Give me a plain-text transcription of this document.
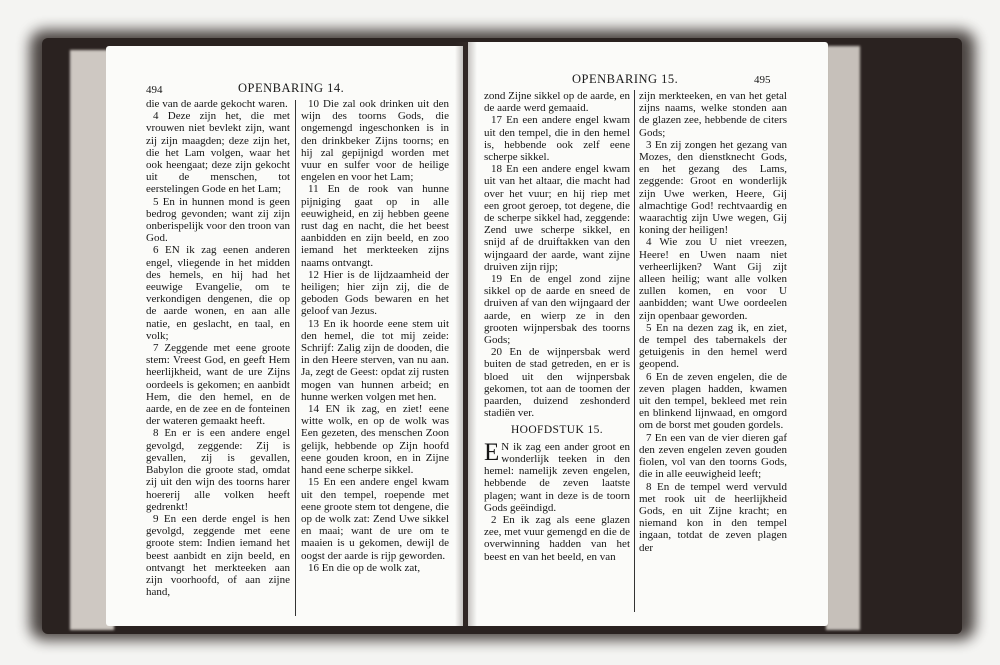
494	OPENBARING 14.

die van de aarde gekocht waren.

4 Deze zijn het, die met vrouwen niet bevlekt zijn, want zij zijn maagden; deze zijn het, die het Lam volgen, waar het ook heengaat; deze zijn gekocht uit de menschen, tot eerstelingen Gode en het Lam;

5 En in hunnen mond is geen bedrog gevonden; want zij zijn onberispelijk voor den troon van God.

6 EN ik zag eenen anderen engel, vliegende in het midden des hemels, en hij had het eeuwige Evangelie, om te verkondigen dengenen, die op de aarde wonen, en aan alle natie, en geslacht, en taal, en volk;

7 Zeggende met eene groote stem: Vreest God, en geeft Hem heerlijkheid, want de ure Zijns oordeels is gekomen; en aanbidt Hem, die den hemel, en de aarde, en de zee en de fonteinen der wateren gemaakt heeft.

8 En er is een andere engel gevolgd, zeggende: Zij is gevallen, zij is gevallen, Babylon die groote stad, omdat zij uit den wijn des toorns harer hoererij alle volken heeft gedrenkt!

9 En een derde engel is hen gevolgd, zeggende met eene groote stem: Indien iemand het beest aanbidt en zijn beeld, en ontvangt het merkteeken aan zijn voorhoofd, of aan zijne hand,

10 Die zal ook drinken uit den wijn des toorns Gods, die ongemengd ingeschonken is in den drinkbeker Zijns toorns; en hij zal gepijnigd worden met vuur en sulfer voor de heilige engelen en voor het Lam;

11 En de rook van hunne pijniging gaat op in alle eeuwigheid, en zij hebben geene rust dag en nacht, die het beest aanbidden en zijn beeld, en zoo iemand het merkteeken zijns naams ontvangt.

12 Hier is de lijdzaamheid der heiligen; hier zijn zij, die de geboden Gods bewaren en het geloof van Jezus.

13 En ik hoorde eene stem uit den hemel, die tot mij zeide: Schrijf: Zalig zijn de dooden, die in den Heere sterven, van nu aan. Ja, zegt de Geest: opdat zij rusten mogen van hunnen arbeid; en hunne werken volgen met hen.

14 EN ik zag, en ziet! eene witte wolk, en op de wolk was Een gezeten, des menschen Zoon gelijk, hebbende op Zijn hoofd eene gouden kroon, en in Zijne hand eene scherpe sikkel.

15 En een andere engel kwam uit den tempel, roepende met eene groote stem tot dengene, die op de wolk zat: Zend Uwe sikkel en maai; want de ure om te maaien is u gekomen, dewijl de oogst der aarde is rijp geworden.

16 En die op de wolk zat,

OPENBARING 15.	495

zond Zijne sikkel op de aarde, en de aarde werd gemaaid.

17 En een andere engel kwam uit den tempel, die in den hemel is, hebbende ook zelf eene scherpe sikkel.

18 En een andere engel kwam uit van het altaar, die macht had over het vuur; en hij riep met een groot geroep, tot degene, die de scherpe sikkel had, zeggende: Zend uwe scherpe sikkel, en snijd af de druiftakken van den wijngaard der aarde, want zijne druiven zijn rijp;

19 En de engel zond zijne sikkel op de aarde en sneed de druiven af van den wijngaard der aarde, en wierp ze in den grooten wijnpersbak des toorns Gods;

20 En de wijnpersbak werd buiten de stad getreden, en er is bloed uit den wijnpersbak gekomen, tot aan de toomen der paarden, duizend zeshonderd stadiën ver.

HOOFDSTUK 15.

E N ik zag een ander groot en wonderlijk teeken in den hemel: namelijk zeven engelen, hebbende de zeven laatste plagen; want in deze is de toorn Gods geëindigd.

2 En ik zag als eene glazen zee, met vuur gemengd en die de overwinning hadden van het beest en van het beeld, en van

zijn merkteeken, en van het getal zijns naams, welke stonden aan de glazen zee, hebbende de citers Gods;

3 En zij zongen het gezang van Mozes, den dienstknecht Gods, en het gezang des Lams, zeggende: Groot en wonderlijk zijn Uwe werken, Heere, Gij almachtige God! rechtvaardig en waarachtig zijn Uwe wegen, Gij koning der heiligen!

4 Wie zou U niet vreezen, Heere! en Uwen naam niet verheerlijken? Want Gij zijt alleen heilig; want alle volken zullen komen, en voor U aanbidden; want Uwe oordeelen zijn openbaar geworden.

5 En na dezen zag ik, en ziet, de tempel des tabernakels der getuigenis in den hemel werd geopend.

6 En de zeven engelen, die de zeven plagen hadden, kwamen uit den tempel, bekleed met rein en blinkend lijnwaad, en omgord om de borst met gouden gordels.

7 En een van de vier dieren gaf den zeven engelen zeven gouden fiolen, vol van den toorns Gods, die in alle eeuwigheid leeft;

8 En de tempel werd vervuld met rook uit de heerlijkheid Gods, en uit Zijne kracht; en niemand kon in den tempel ingaan, totdat de zeven plagen der
